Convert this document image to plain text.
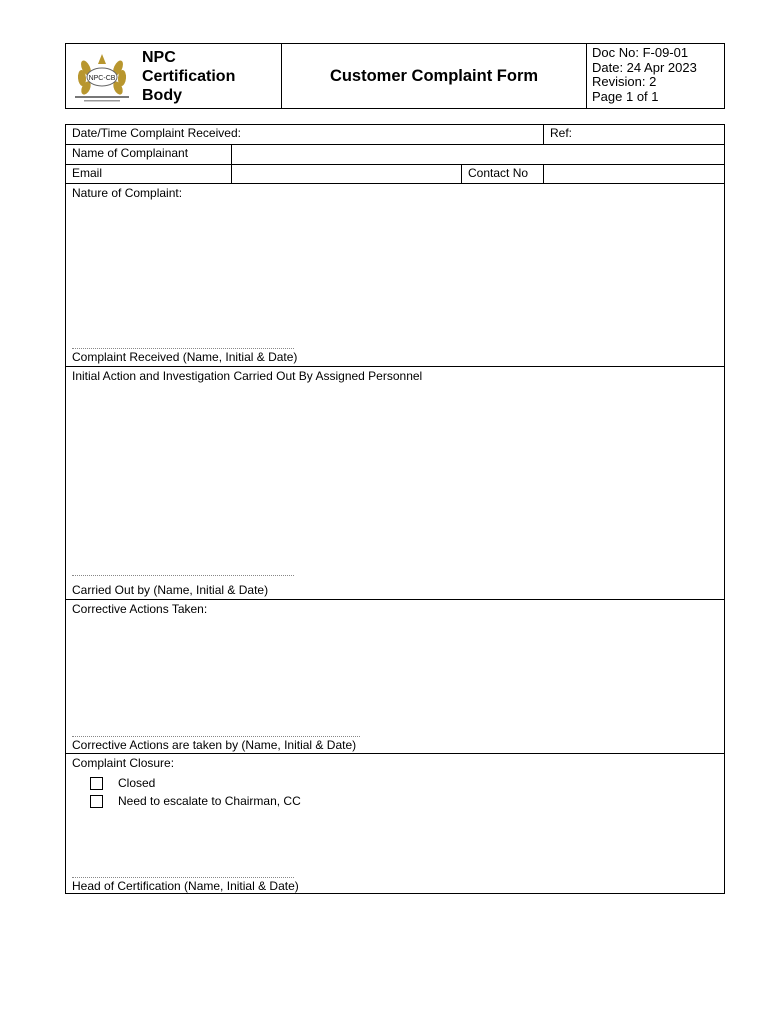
NPC-CB
NPC
Certification
Body
Customer Complaint Form
Doc No: F-09-01
Date: 24 Apr 2023
Revision: 2
Page 1 of 1
Date/Time Complaint Received:	Ref:
Name of Complainant
Email	Contact No
Nature of Complaint:
Complaint Received (Name, Initial & Date)
Initial Action and Investigation Carried Out By Assigned Personnel
Carried Out by (Name, Initial & Date)
Corrective Actions Taken:
Corrective Actions are taken by (Name, Initial & Date)
Complaint Closure:
Closed
Need to escalate to Chairman, CC
Head of Certification (Name, Initial & Date)
